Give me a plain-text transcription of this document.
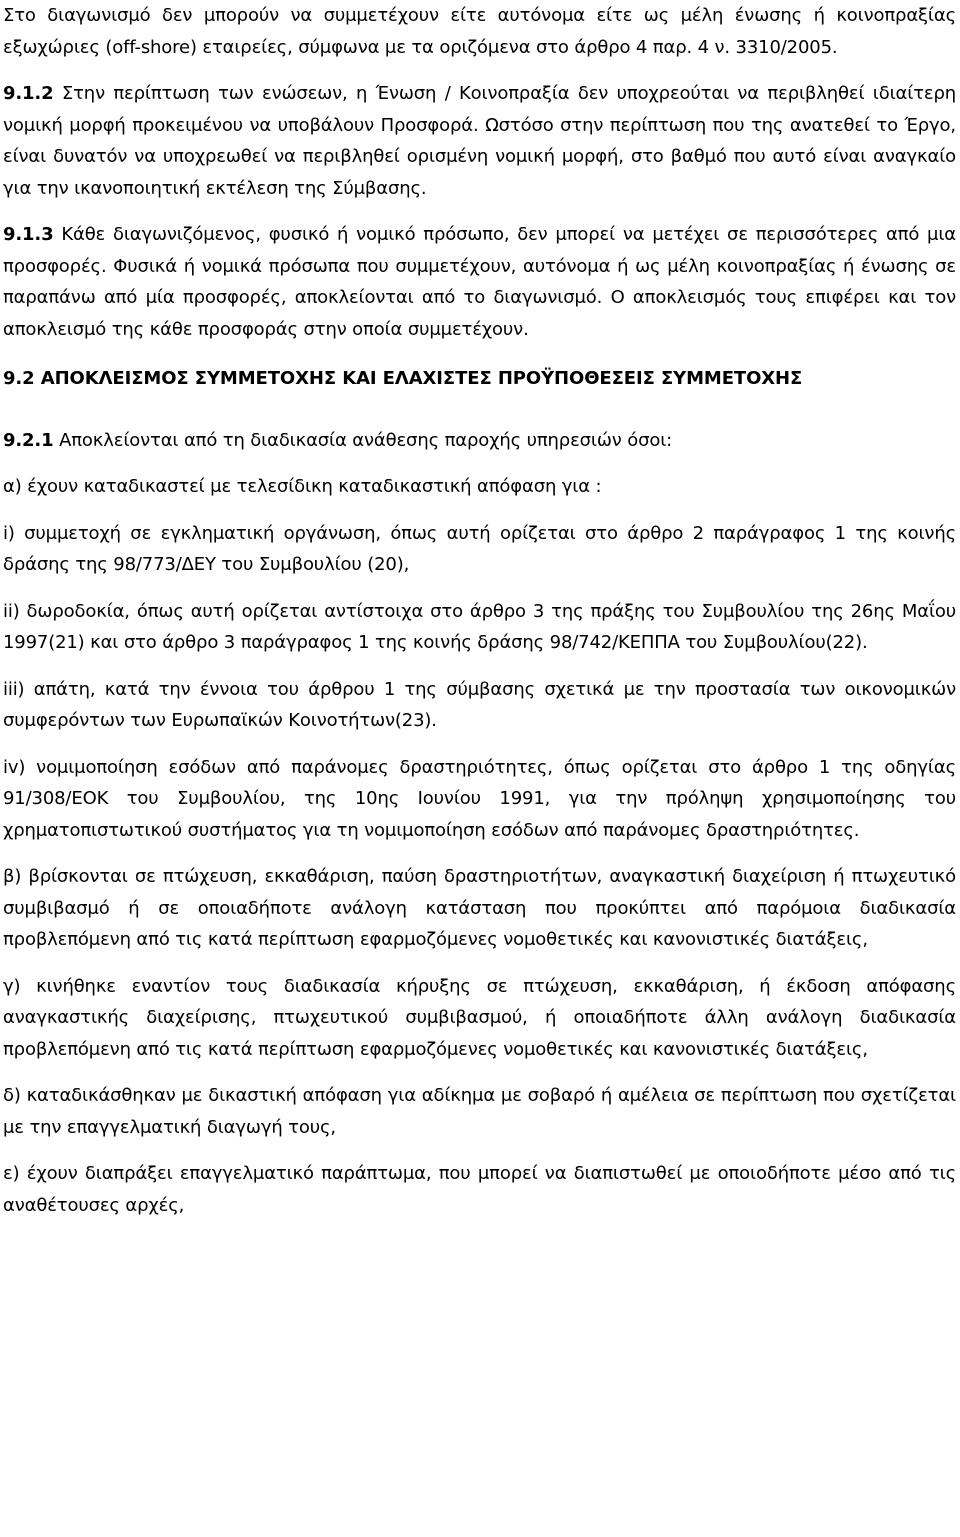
Στο διαγωνισμό δεν μπορούν να συμμετέχουν είτε αυτόνομα είτε ως μέλη ένωσης ή κοινοπραξίας εξωχώριες (off-shore) εταιρείες, σύμφωνα με τα οριζόμενα στο άρθρο 4 παρ. 4 ν. 3310/2005.

9.1.2 Στην περίπτωση των ενώσεων, η Ένωση / Κοινοπραξία δεν υποχρεούται να περιβληθεί ιδιαίτερη νομική μορφή προκειμένου να υποβάλουν Προσφορά. Ωστόσο στην περίπτωση που της ανατεθεί το Έργο, είναι δυνατόν να υποχρεωθεί να περιβληθεί ορισμένη νομική μορφή, στο βαθμό που αυτό είναι αναγκαίο για την ικανοποιητική εκτέλεση της Σύμβασης.

9.1.3 Κάθε διαγωνιζόμενος, φυσικό ή νομικό πρόσωπο, δεν μπορεί να μετέχει σε περισσότερες από μια προσφορές. Φυσικά ή νομικά πρόσωπα που συμμετέχουν, αυτόνομα ή ως μέλη κοινοπραξίας ή ένωσης σε παραπάνω από μία προσφορές, αποκλείονται από το διαγωνισμό. Ο αποκλεισμός τους επιφέρει και τον αποκλεισμό της κάθε προσφοράς στην οποία συμμετέχουν.

9.2 ΑΠΟΚΛΕΙΣΜΟΣ ΣΥΜΜΕΤΟΧΗΣ ΚΑΙ ΕΛΑΧΙΣΤΕΣ ΠΡΟΫΠΟΘΕΣΕΙΣ ΣΥΜΜΕΤΟΧΗΣ

9.2.1 Αποκλείονται από τη διαδικασία ανάθεσης παροχής υπηρεσιών όσοι:

α) έχουν καταδικαστεί με τελεσίδικη καταδικαστική απόφαση για :

i) συμμετοχή σε εγκληματική οργάνωση, όπως αυτή ορίζεται στο άρθρο 2 παράγραφος 1 της κοινής δράσης της 98/773/ΔΕΥ του Συμβουλίου (20),

ii) δωροδοκία, όπως αυτή ορίζεται αντίστοιχα στο άρθρο 3 της πράξης του Συμβουλίου της 26ης Μαΐου 1997(21) και στο άρθρο 3 παράγραφος 1 της κοινής δράσης 98/742/ΚΕΠΠΑ του Συμβουλίου(22).

iii) απάτη, κατά την έννοια του άρθρου 1 της σύμβασης σχετικά με την προστασία των οικονομικών συμφερόντων των Ευρωπαϊκών Κοινοτήτων(23).

iv) νομιμοποίηση εσόδων από παράνομες δραστηριότητες, όπως ορίζεται στο άρθρο 1 της οδηγίας 91/308/ΕΟΚ του Συμβουλίου, της 10ης Ιουνίου 1991, για την πρόληψη χρησιμοποίησης του χρηματοπιστωτικού συστήματος για τη νομιμοποίηση εσόδων από παράνομες δραστηριότητες.

β) βρίσκονται σε πτώχευση, εκκαθάριση, παύση δραστηριοτήτων, αναγκαστική διαχείριση ή πτωχευτικό συμβιβασμό ή σε οποιαδήποτε ανάλογη κατάσταση που προκύπτει από παρόμοια διαδικασία προβλεπόμενη από τις κατά περίπτωση εφαρμοζόμενες νομοθετικές και κανονιστικές διατάξεις,

γ) κινήθηκε εναντίον τους διαδικασία κήρυξης σε πτώχευση, εκκαθάριση, ή έκδοση απόφασης αναγκαστικής διαχείρισης, πτωχευτικού συμβιβασμού, ή οποιαδήποτε άλλη ανάλογη διαδικασία προβλεπόμενη από τις κατά περίπτωση εφαρμοζόμενες νομοθετικές και κανονιστικές διατάξεις,

δ) καταδικάσθηκαν με δικαστική απόφαση για αδίκημα με σοβαρό ή αμέλεια σε περίπτωση που σχετίζεται με την επαγγελματική διαγωγή τους,

ε) έχουν διαπράξει επαγγελματικό παράπτωμα, που μπορεί να διαπιστωθεί με οποιοδήποτε μέσο από τις αναθέτουσες αρχές,
